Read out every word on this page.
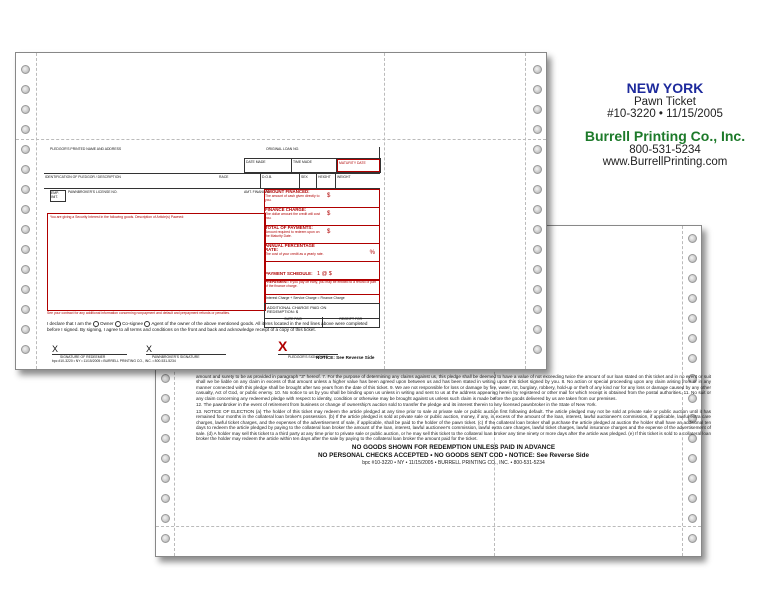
amount and surety to be as provided in paragraph "3" hereof. 7. For the purpose of determining any claims against us, this pledge shall be deemed to have a value of not exceeding twice the amount of our loan stated on this ticket and in no event or suit shall we be liable on any claim in excess of that amount unless a higher value has been agreed upon between us and has been stated in writing upon this ticket signed by you. 8. No action or special proceeding upon any claim arising from or in any manner connected with this pledge shall be brought after two years from the date of this ticket. 9. We are not responsible for loss or damage by fire, water, rot, burglary, robbery, hold-up or theft of any kind nor for any loss or damage caused by any other casualty, Act of God, or public enemy. 10. No notice to us by you shall be binding upon us unless in writing and sent to us at the address appearing herein by registered or other mail for which receipt is obtained from the postal authorities. 11. No suit or any claim concerning any redeemed pledge with respect to identity, condition or otherwise may be brought against us unless such claim is made before the goods delivered by us are taken from our premises.
12. The pawnbroker in the event of retirement from business or change of ownership's auction sold to transfer the pledge and its interest therein to any licensed pawnbroker in the State of New York.
13. NOTICE OF ELECTION (a) The holder of this ticket may redeem the article pledged at any time prior to sale at private sale or public auction first following default. The article pledged may not be sold at private sale or public auction until it has remained four months in the collateral loan broker's possession. (b) If the article pledged is sold at private sale or public auction, money, if any, in excess of the amount of the loan, interest, lawful auctioneer's commission, if applicable, lawful extra care charges, lawful ticket charges, and the expenses of the advertisement of sale, if applicable, shall be paid to the holder of the pawn ticket. (c) If the collateral loan broker shall purchase the article pledged at auction the holder shall have an additional ten days to redeem the article pledged by paying to the collateral loan broker the amount of the loan, interest, lawful auctioneer's commission, lawful extra care charges, lawful ticket charges, lawful insurance charges and the expense of the advertisement of sale. (d) A holder may sell this ticket to a third party at any time prior to private sale or public auction, or he may sell this ticket to the collateral loan broker any time ninety or more days after the article was pledged. (e) If this ticket is sold to a collateral loan broker the holder may redeem the article within ten days after the sale by paying to the collateral loan broker the amount paid for the ticket.
NO GOODS SHOWN FOR REDEMPTION UNLESS PAID IN ADVANCE
NO PERSONAL CHECKS ACCEPTED • NO GOODS SENT COD • NOTICE: See Reverse Side
bpc #10-3220 • NY • 11/15/2005 • BURRELL PRINTING CO., INC. • 800-531-5234
PLEDGOR'S PRINTED NAME AND ADDRESS	ORIGINAL LOAN NO.
DATE MADE	TIME MADE	MATURITY DATE
IDENTIFICATION OF PLEDGOR / DESCRIPTION	RACE	D.O.B.	SEX	HEIGHT	WEIGHT
EMP. INIT.
PAWNBROKER'S LICENSE NO.
You are giving a Security Interest in the following goods. Description of Article(s) Pawned:
See your contract for any additional information concerning nonpayment and default and prepayment refunds or penalties.
AMT. FINANCED
AMOUNT FINANCED:
The amount of cash given directly to you.
$
FINANCE CHARGE:
The dollar amount the credit will cost you.
$
TOTAL OF PAYMENTS:
Amount required to redeem upon on the Maturity Date.
$
ANNUAL PERCENTAGE RATE:
The cost of your credit as a yearly rate.	%
PAYMENT SCHEDULE: 1 @ $
PREPAYMENT: If you pay off early, you may be entitled to a refund of part of the finance charge.
Interest Charge + Service Charge = Finance Charge
ADDITIONAL CHARGE PAID ON REDEMPTION: $
DATE PAID	RECEIPT FOR
I declare that I am the Owner Co-signee Agent of the owner of the above mentioned goods. All items located in the red lines above were completed before I signed. By signing, I agree to all terms and conditions on the front and back and acknowledge receipt of a copy of this ticket.
X
SIGNATURE OF REDEEMER
X
PAWNBROKER'S SIGNATURE
X
PLEDGOR'S SIGNATURE
NOTICE: See Reverse Side
bpc #10-3220 • NY • 11/15/2005 • BURRELL PRINTING CO., INC. • 800-531-5234
NEW YORK
Pawn Ticket
#10-3220 • 11/15/2005
Burrell Printing Co., Inc.
800-531-5234
www.BurrellPrinting.com
